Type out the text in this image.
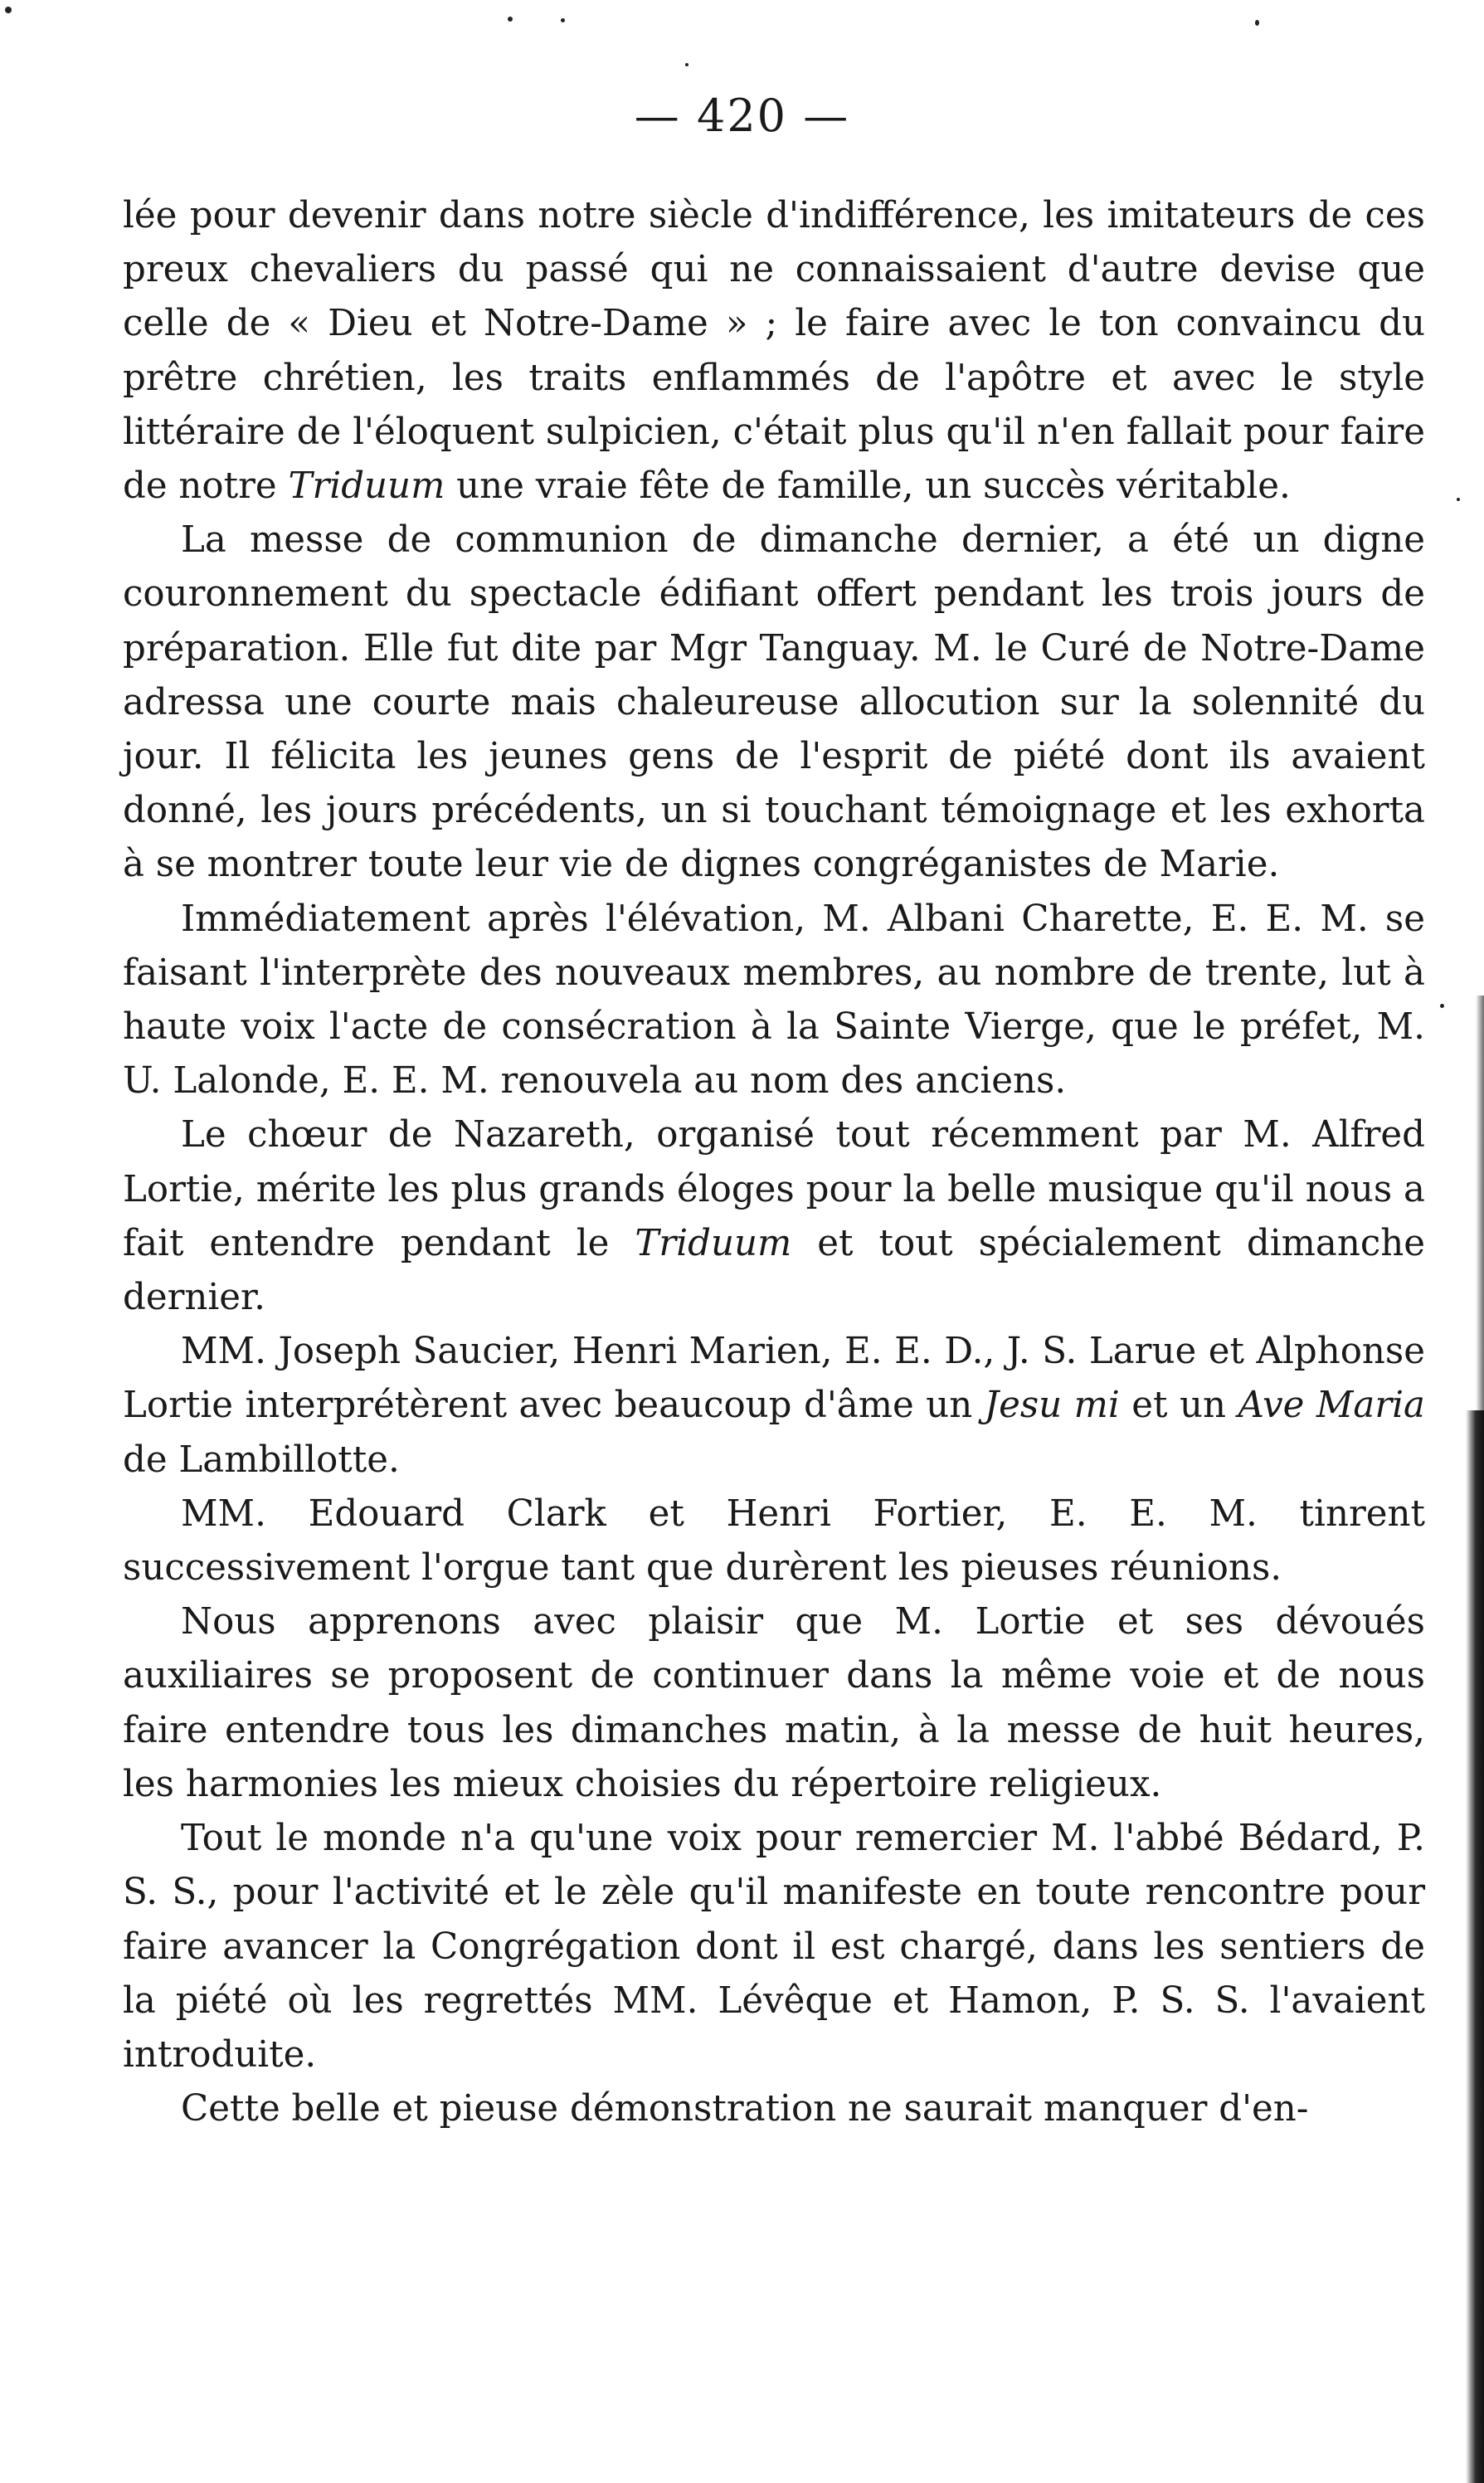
— 420 —

lée pour devenir dans notre siècle d'indifférence, les imitateurs de ces preux chevaliers du passé qui ne connaissaient d'autre devise que celle de « Dieu et Notre-Dame » ; le faire avec le ton convaincu du prêtre chrétien, les traits enflammés de l'apôtre et avec le style littéraire de l'éloquent sulpicien, c'était plus qu'il n'en fallait pour faire de notre Triduum une vraie fête de famille, un succès véritable.

La messe de communion de dimanche dernier, a été un digne couronnement du spectacle édifiant offert pendant les trois jours de préparation. Elle fut dite par Mgr Tanguay. M. le Curé de Notre-Dame adressa une courte mais chaleureuse allocution sur la solennité du jour. Il félicita les jeunes gens de l'esprit de piété dont ils avaient donné, les jours précédents, un si touchant témoignage et les exhorta à se montrer toute leur vie de dignes congréganistes de Marie.

Immédiatement après l'élévation, M. Albani Charette, E. E. M. se faisant l'interprète des nouveaux membres, au nombre de trente, lut à haute voix l'acte de consécration à la Sainte Vierge, que le préfet, M. U. Lalonde, E. E. M. renouvela au nom des anciens.

Le chœur de Nazareth, organisé tout récemment par M. Alfred Lortie, mérite les plus grands éloges pour la belle musique qu'il nous a fait entendre pendant le Triduum et tout spécialement dimanche dernier.

MM. Joseph Saucier, Henri Marien, E. E. D., J. S. Larue et Alphonse Lortie interprétèrent avec beaucoup d'âme un Jesu mi et un Ave Maria de Lambillotte.

MM. Edouard Clark et Henri Fortier, E. E. M. tinrent successivement l'orgue tant que durèrent les pieuses réunions.

Nous apprenons avec plaisir que M. Lortie et ses dévoués auxiliaires se proposent de continuer dans la même voie et de nous faire entendre tous les dimanches matin, à la messe de huit heures, les harmonies les mieux choisies du répertoire religieux.

Tout le monde n'a qu'une voix pour remercier M. l'abbé Bédard, P. S. S., pour l'activité et le zèle qu'il manifeste en toute rencontre pour faire avancer la Congrégation dont il est chargé, dans les sentiers de la piété où les regrettés MM. Lévêque et Hamon, P. S. S. l'avaient introduite.

Cette belle et pieuse démonstration ne saurait manquer d'en-
